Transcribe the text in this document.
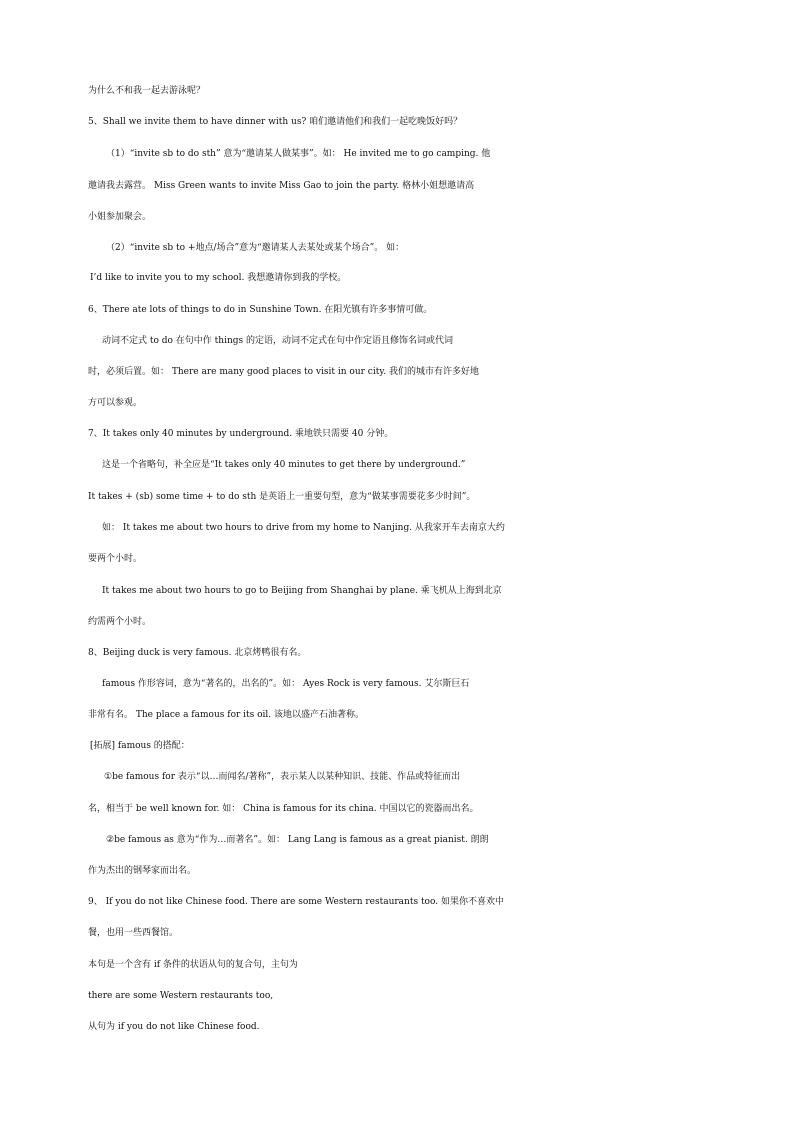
为什么不和我一起去游泳呢？
5、Shall we invite them to have dinner with us? 咱们邀请他们和我们一起吃晚饭好吗？
（1）“invite sb to do sth” 意为“邀请某人做某事”。如： He invited me to go camping. 他
邀请我去露营。 Miss Green wants to invite Miss Gao to join the party. 格林小姐想邀请高
小姐参加聚会。
（2）“invite sb to +地点/场合”意为“邀请某人去某处或某个场合”。 如：
I’d like to invite you to my school. 我想邀请你到我的学校。
6、There ate lots of things to do in Sunshine Town. 在阳光镇有许多事情可做。
动词不定式 to do 在句中作 things 的定语，动词不定式在句中作定语且修饰名词或代词
时，必须后置。如： There are many good places to visit in our city. 我们的城市有许多好地
方可以参观。
7、It takes only 40 minutes by underground. 乘地铁只需要 40 分钟。
这是一个省略句，补全应是“It takes only 40 minutes to get there by underground.”
It takes + (sb) some time + to do sth 是英语上一重要句型，意为“做某事需要花多少时间”。
如： It takes me about two hours to drive from my home to Nanjing. 从我家开车去南京大约
要两个小时。
It takes me about two hours to go to Beijing from Shanghai by plane. 乘飞机从上海到北京
约需两个小时。
8、Beijing duck is very famous. 北京烤鸭很有名。
famous 作形容词，意为“著名的，出名的”。如： Ayes Rock is very famous. 艾尔斯巨石
非常有名。 The place a famous for its oil. 该地以盛产石油著称。
[拓展] famous 的搭配：
①be famous for 表示“以…而闻名/著称”，表示某人以某种知识、技能、作品或特征而出
名，相当于 be well known for. 如： China is famous for its china. 中国以它的瓷器而出名。
②be famous as 意为“作为…而著名”。如： Lang Lang is famous as a great pianist. 朗朗
作为杰出的钢琴家而出名。
9、 If you do not like Chinese food. There are some Western restaurants too. 如果你不喜欢中
餐，也用一些西餐馆。
本句是一个含有 if 条件的状语从句的复合句，主句为
there are some Western restaurants too,
从句为 if you do not like Chinese food.
